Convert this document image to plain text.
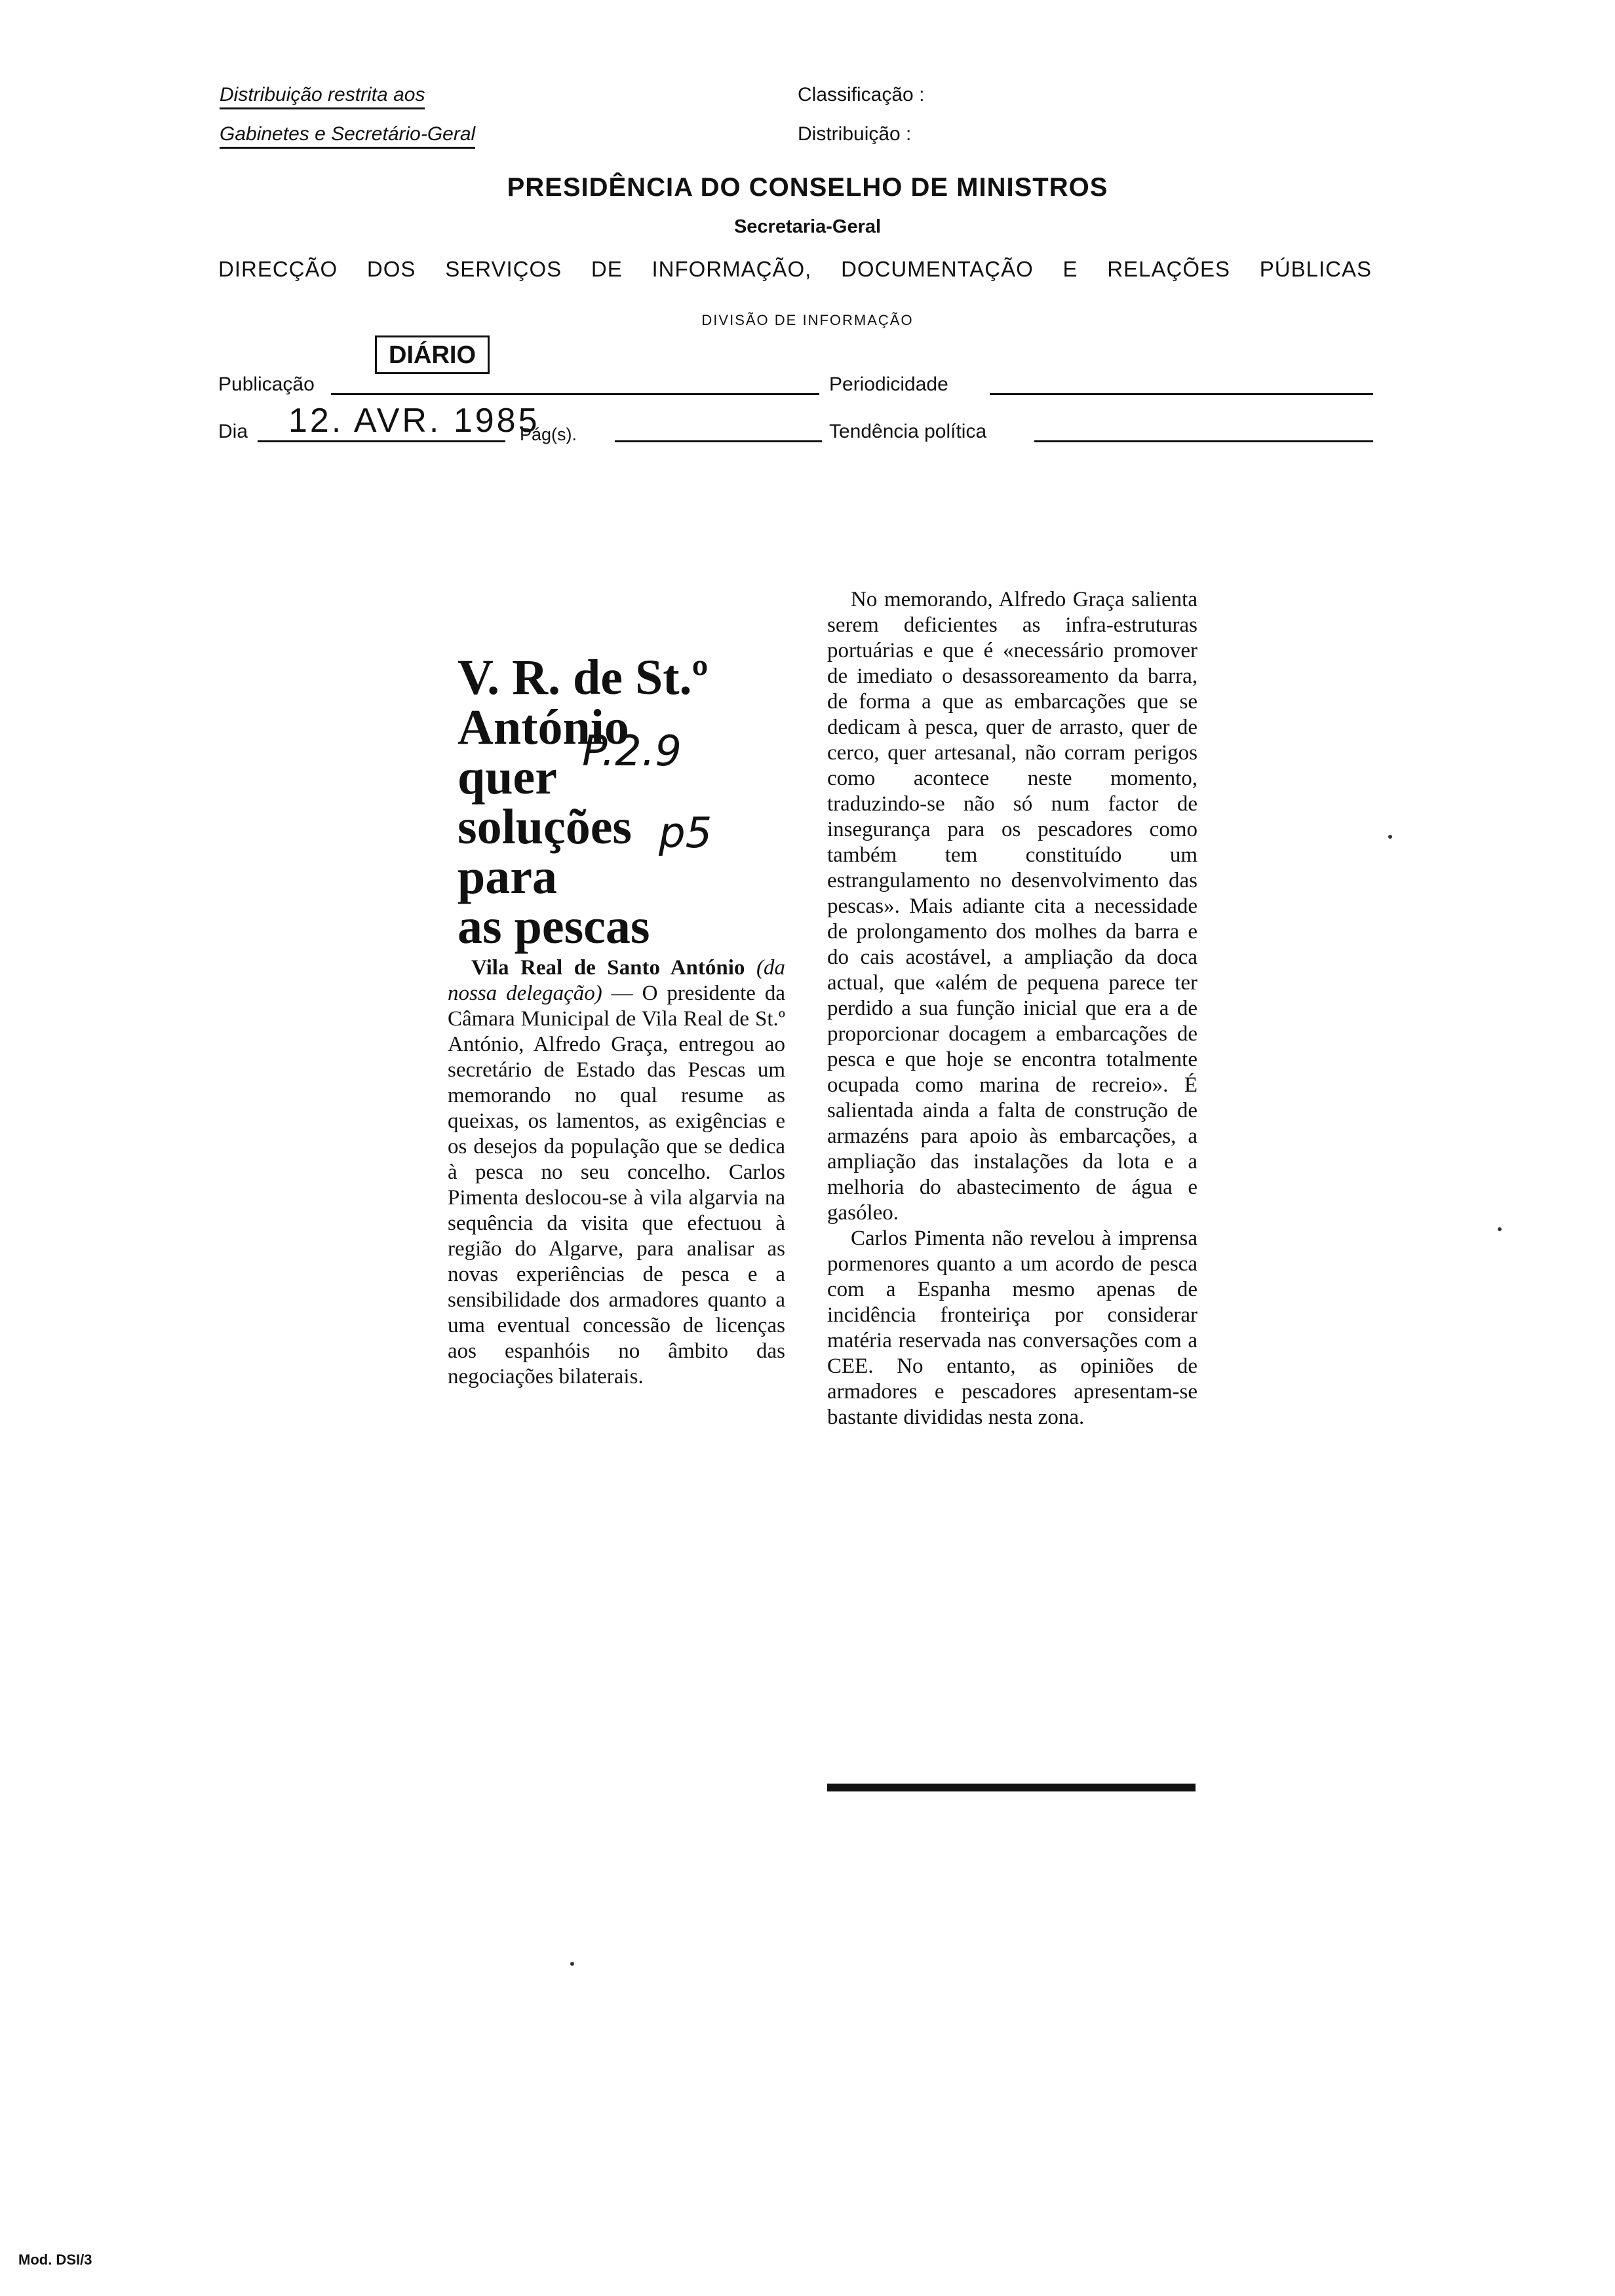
Distribuição restrita aos
Gabinetes e Secretário-Geral
Classificação :
Distribuição :
PRESIDÊNCIA DO CONSELHO DE MINISTROS
Secretaria-Geral
DIRECÇÃO DOS SERVIÇOS DE INFORMAÇÃO, DOCUMENTAÇÃO E RELAÇÕES PÚBLICAS
DIVISÃO DE INFORMAÇÃO
Publicação
DIÁRIO
Periodicidade
Dia 12. AVR. 1985
Pág(s).	Tendência política
V. R. de St.º
António
quer
soluções
para
as pescas
P.2.9
p5

Vila Real de Santo António (da nossa delegação) — O presidente da Câmara Municipal de Vila Real de St.º António, Alfredo Graça, entregou ao secretário de Estado das Pescas um memorando no qual resume as queixas, os lamentos, as exigências e os desejos da população que se dedica à pesca no seu concelho. Carlos Pimenta deslocou-se à vila algarvia na sequência da visita que efectuou à região do Algarve, para analisar as novas experiências de pesca e a sensibilidade dos armadores quanto a uma eventual concessão de licenças aos espanhóis no âmbito das negociações bilaterais.

No memorando, Alfredo Graça salienta serem deficientes as infra-estruturas portuárias e que é «necessário promover de imediato o desassoreamento da barra, de forma a que as embarcações que se dedicam à pesca, quer de arrasto, quer de cerco, quer artesanal, não corram perigos como acontece neste momento, traduzindo-se não só num factor de insegurança para os pescadores como também tem constituído um estrangulamento no desenvolvimento das pescas». Mais adiante cita a necessidade de prolongamento dos molhes da barra e do cais acostável, a ampliação da doca actual, que «além de pequena parece ter perdido a sua função inicial que era a de proporcionar docagem a embarcações de pesca e que hoje se encontra totalmente ocupada como marina de recreio». É salientada ainda a falta de construção de armazéns para apoio às embarcações, a ampliação das instalações da lota e a melhoria do abastecimento de água e gasóleo.

Carlos Pimenta não revelou à imprensa pormenores quanto a um acordo de pesca com a Espanha mesmo apenas de incidência fronteiriça por considerar matéria reservada nas conversações com a CEE. No entanto, as opiniões de armadores e pescadores apresentam-se bastante divididas nesta zona.

Mod. DSI/3
